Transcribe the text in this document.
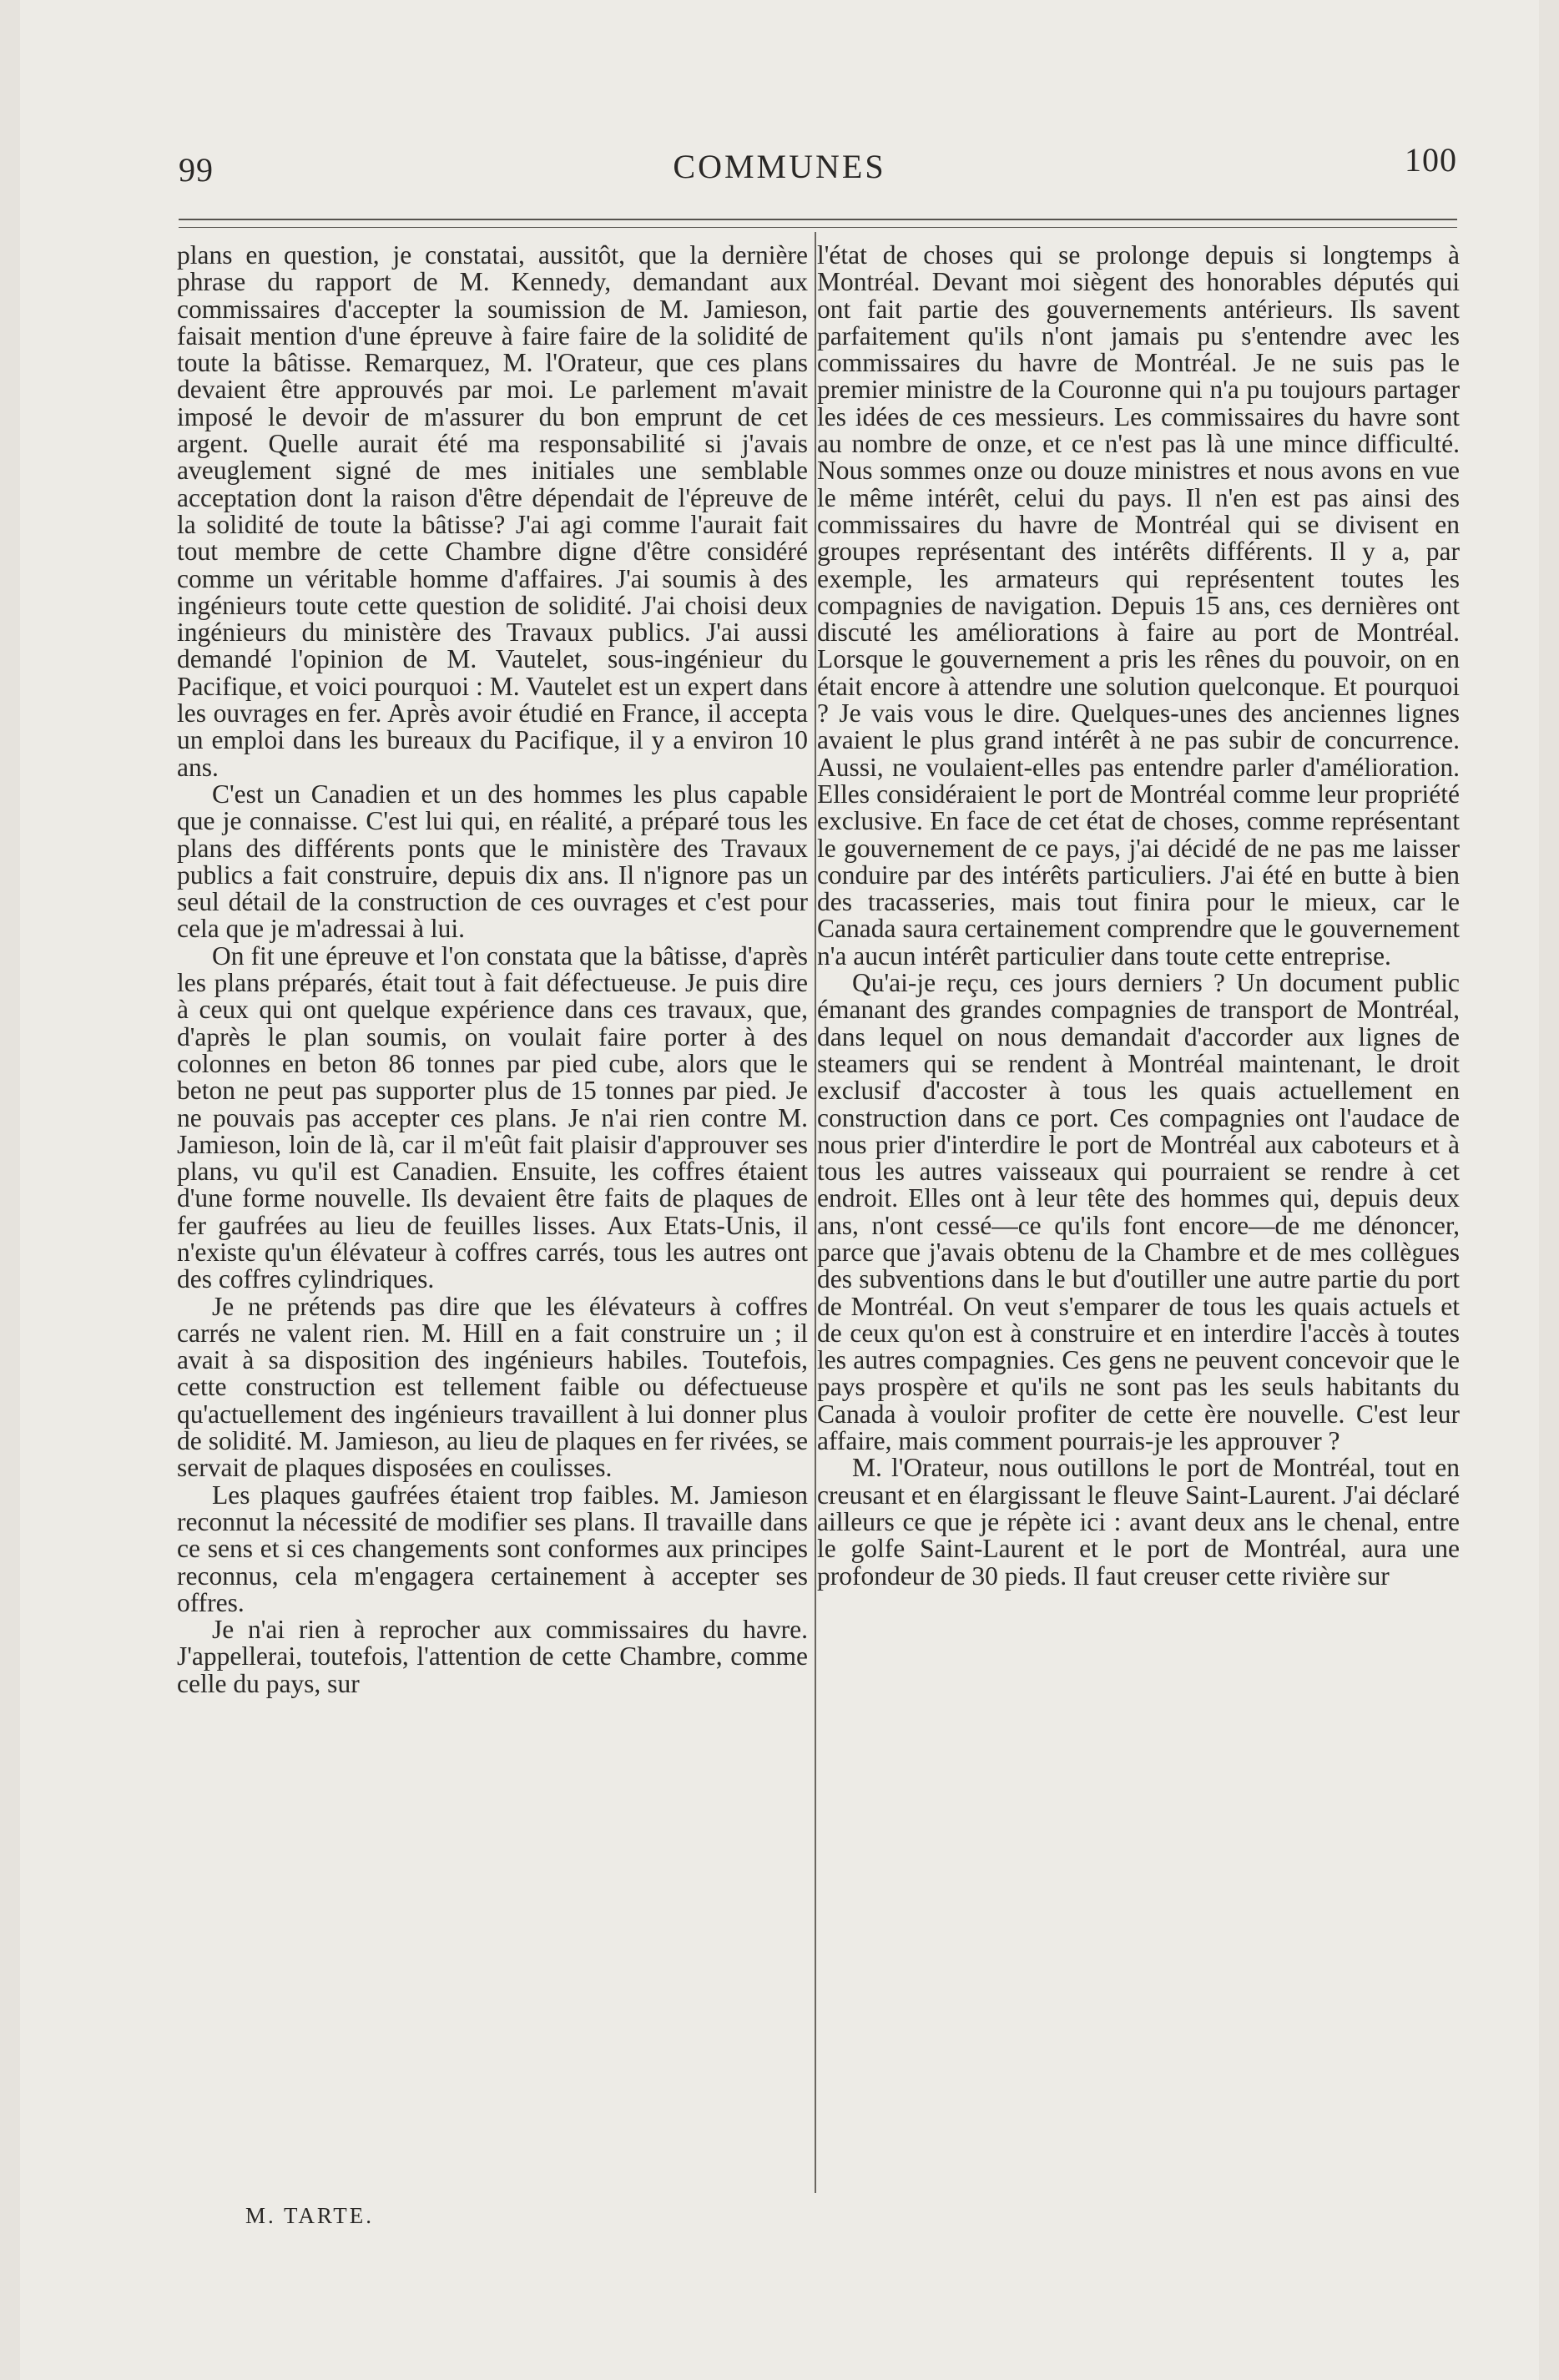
99	COMMUNES	100

plans en question, je constatai, aussitôt, que la dernière phrase du rapport de M. Kennedy, demandant aux commissaires d'accepter la soumission de M. Jamieson, faisait mention d'une épreuve à faire faire de la solidité de toute la bâtisse. Remarquez, M. l'Orateur, que ces plans devaient être approuvés par moi. Le parlement m'avait imposé le devoir de m'assurer du bon emprunt de cet argent. Quelle aurait été ma responsabilité si j'avais aveuglement signé de mes initiales une semblable acceptation dont la raison d'être dépendait de l'épreuve de la solidité de toute la bâtisse? J'ai agi comme l'aurait fait tout membre de cette Chambre digne d'être considéré comme un véritable homme d'affaires. J'ai soumis à des ingénieurs toute cette question de solidité. J'ai choisi deux ingénieurs du ministère des Travaux publics. J'ai aussi demandé l'opinion de M. Vautelet, sous-ingénieur du Pacifique, et voici pourquoi : M. Vautelet est un expert dans les ouvrages en fer. Après avoir étudié en France, il accepta un emploi dans les bureaux du Pacifique, il y a environ 10 ans.

C'est un Canadien et un des hommes les plus capable que je connaisse. C'est lui qui, en réalité, a préparé tous les plans des différents ponts que le ministère des Travaux publics a fait construire, depuis dix ans. Il n'ignore pas un seul détail de la construction de ces ouvrages et c'est pour cela que je m'adressai à lui.

On fit une épreuve et l'on constata que la bâtisse, d'après les plans préparés, était tout à fait défectueuse. Je puis dire à ceux qui ont quelque expérience dans ces travaux, que, d'après le plan soumis, on voulait faire porter à des colonnes en beton 86 tonnes par pied cube, alors que le beton ne peut pas supporter plus de 15 tonnes par pied. Je ne pouvais pas accepter ces plans. Je n'ai rien contre M. Jamieson, loin de là, car il m'eût fait plaisir d'approuver ses plans, vu qu'il est Canadien. Ensuite, les coffres étaient d'une forme nouvelle. Ils devaient être faits de plaques de fer gaufrées au lieu de feuilles lisses. Aux Etats-Unis, il n'existe qu'un élévateur à coffres carrés, tous les autres ont des coffres cylindriques.

Je ne prétends pas dire que les élévateurs à coffres carrés ne valent rien. M. Hill en a fait construire un ; il avait à sa disposition des ingénieurs habiles. Toutefois, cette construction est tellement faible ou défectueuse qu'actuellement des ingénieurs travaillent à lui donner plus de solidité. M. Jamieson, au lieu de plaques en fer rivées, se servait de plaques disposées en coulisses.

Les plaques gaufrées étaient trop faibles. M. Jamieson reconnut la nécessité de modifier ses plans. Il travaille dans ce sens et si ces changements sont conformes aux principes reconnus, cela m'engagera certainement à accepter ses offres.

Je n'ai rien à reprocher aux commissaires du havre. J'appellerai, toutefois, l'attention de cette Chambre, comme celle du pays, sur

l'état de choses qui se prolonge depuis si longtemps à Montréal. Devant moi siègent des honorables députés qui ont fait partie des gouvernements antérieurs. Ils savent parfaitement qu'ils n'ont jamais pu s'entendre avec les commissaires du havre de Montréal. Je ne suis pas le premier ministre de la Couronne qui n'a pu toujours partager les idées de ces messieurs. Les commissaires du havre sont au nombre de onze, et ce n'est pas là une mince difficulté. Nous sommes onze ou douze ministres et nous avons en vue le même intérêt, celui du pays. Il n'en est pas ainsi des commissaires du havre de Montréal qui se divisent en groupes représentant des intérêts différents. Il y a, par exemple, les armateurs qui représentent toutes les compagnies de navigation. Depuis 15 ans, ces dernières ont discuté les améliorations à faire au port de Montréal. Lorsque le gouvernement a pris les rênes du pouvoir, on en était encore à attendre une solution quelconque. Et pourquoi ? Je vais vous le dire. Quelques-unes des anciennes lignes avaient le plus grand intérêt à ne pas subir de concurrence. Aussi, ne voulaient-elles pas entendre parler d'amélioration. Elles considéraient le port de Montréal comme leur propriété exclusive. En face de cet état de choses, comme représentant le gouvernement de ce pays, j'ai décidé de ne pas me laisser conduire par des intérêts particuliers. J'ai été en butte à bien des tracasseries, mais tout finira pour le mieux, car le Canada saura certainement comprendre que le gouvernement n'a aucun intérêt particulier dans toute cette entreprise.

Qu'ai-je reçu, ces jours derniers ? Un document public émanant des grandes compagnies de transport de Montréal, dans lequel on nous demandait d'accorder aux lignes de steamers qui se rendent à Montréal maintenant, le droit exclusif d'accoster à tous les quais actuellement en construction dans ce port. Ces compagnies ont l'audace de nous prier d'interdire le port de Montréal aux caboteurs et à tous les autres vaisseaux qui pourraient se rendre à cet endroit. Elles ont à leur tête des hommes qui, depuis deux ans, n'ont cessé—ce qu'ils font encore—de me dénoncer, parce que j'avais obtenu de la Chambre et de mes collègues des subventions dans le but d'outiller une autre partie du port de Montréal. On veut s'emparer de tous les quais actuels et de ceux qu'on est à construire et en interdire l'accès à toutes les autres compagnies. Ces gens ne peuvent concevoir que le pays prospère et qu'ils ne sont pas les seuls habitants du Canada à vouloir profiter de cette ère nouvelle. C'est leur affaire, mais comment pourrais-je les approuver ?

M. l'Orateur, nous outillons le port de Montréal, tout en creusant et en élargissant le fleuve Saint-Laurent. J'ai déclaré ailleurs ce que je répète ici : avant deux ans le chenal, entre le golfe Saint-Laurent et le port de Montréal, aura une profondeur de 30 pieds. Il faut creuser cette rivière sur

M. TARTE.
